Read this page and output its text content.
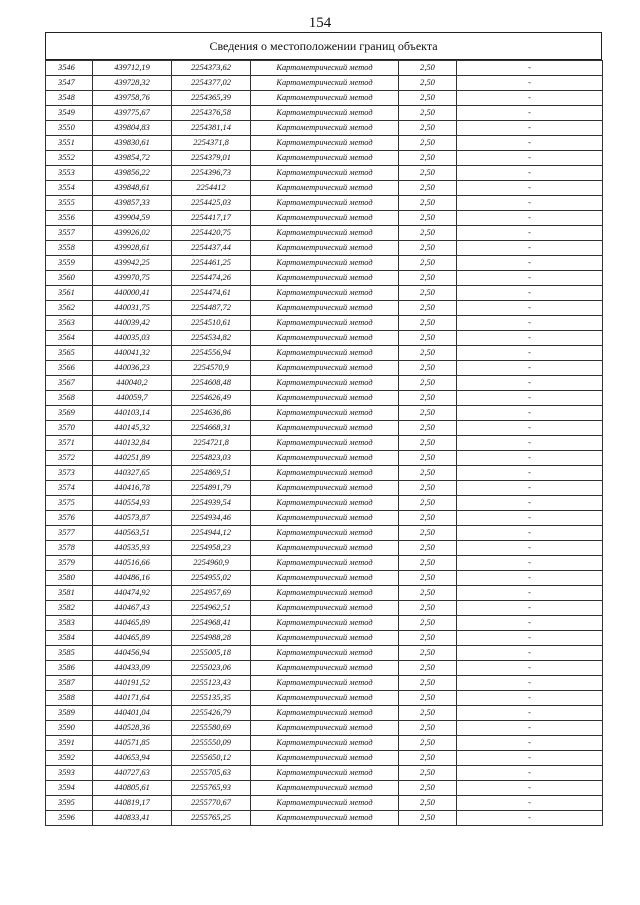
154
Сведения о местоположении границ объекта
3546	439712,19	2254373,62	Картометрический метод	2,50	-
3547	439728,32	2254377,02	Картометрический метод	2,50	-
3548	439758,76	2254365,39	Картометрический метод	2,50	-
3549	439775,67	2254376,58	Картометрический метод	2,50	-
3550	439804,83	2254381,14	Картометрический метод	2,50	-
3551	439830,61	2254371,8	Картометрический метод	2,50	-
3552	439854,72	2254379,01	Картометрический метод	2,50	-
3553	439856,22	2254396,73	Картометрический метод	2,50	-
3554	439848,61	2254412	Картометрический метод	2,50	-
3555	439857,33	2254425,03	Картометрический метод	2,50	-
3556	439904,59	2254417,17	Картометрический метод	2,50	-
3557	439926,02	2254420,75	Картометрический метод	2,50	-
3558	439928,61	2254437,44	Картометрический метод	2,50	-
3559	439942,25	2254461,25	Картометрический метод	2,50	-
3560	439970,75	2254474,26	Картометрический метод	2,50	-
3561	440000,41	2254474,61	Картометрический метод	2,50	-
3562	440031,75	2254487,72	Картометрический метод	2,50	-
3563	440039,42	2254510,61	Картометрический метод	2,50	-
3564	440035,03	2254534,82	Картометрический метод	2,50	-
3565	440041,32	2254556,94	Картометрический метод	2,50	-
3566	440036,23	2254570,9	Картометрический метод	2,50	-
3567	440040,2	2254608,48	Картометрический метод	2,50	-
3568	440059,7	2254626,49	Картометрический метод	2,50	-
3569	440103,14	2254636,86	Картометрический метод	2,50	-
3570	440145,32	2254668,31	Картометрический метод	2,50	-
3571	440132,84	2254721,8	Картометрический метод	2,50	-
3572	440251,89	2254823,03	Картометрический метод	2,50	-
3573	440327,65	2254869,51	Картометрический метод	2,50	-
3574	440416,78	2254891,79	Картометрический метод	2,50	-
3575	440554,93	2254939,54	Картометрический метод	2,50	-
3576	440573,87	2254934,46	Картометрический метод	2,50	-
3577	440563,51	2254944,12	Картометрический метод	2,50	-
3578	440535,93	2254958,23	Картометрический метод	2,50	-
3579	440516,66	2254960,9	Картометрический метод	2,50	-
3580	440486,16	2254955,02	Картометрический метод	2,50	-
3581	440474,92	2254957,69	Картометрический метод	2,50	-
3582	440467,43	2254962,51	Картометрический метод	2,50	-
3583	440465,89	2254968,41	Картометрический метод	2,50	-
3584	440465,89	2254988,28	Картометрический метод	2,50	-
3585	440456,94	2255005,18	Картометрический метод	2,50	-
3586	440433,09	2255023,06	Картометрический метод	2,50	-
3587	440191,52	2255123,43	Картометрический метод	2,50	-
3588	440171,64	2255135,35	Картометрический метод	2,50	-
3589	440401,04	2255426,79	Картометрический метод	2,50	-
3590	440528,36	2255580,69	Картометрический метод	2,50	-
3591	440571,85	2255550,09	Картометрический метод	2,50	-
3592	440653,94	2255650,12	Картометрический метод	2,50	-
3593	440727,63	2255705,63	Картометрический метод	2,50	-
3594	440805,61	2255765,93	Картометрический метод	2,50	-
3595	440819,17	2255770,67	Картометрический метод	2,50	-
3596	440833,41	2255765,25	Картометрический метод	2,50	-
